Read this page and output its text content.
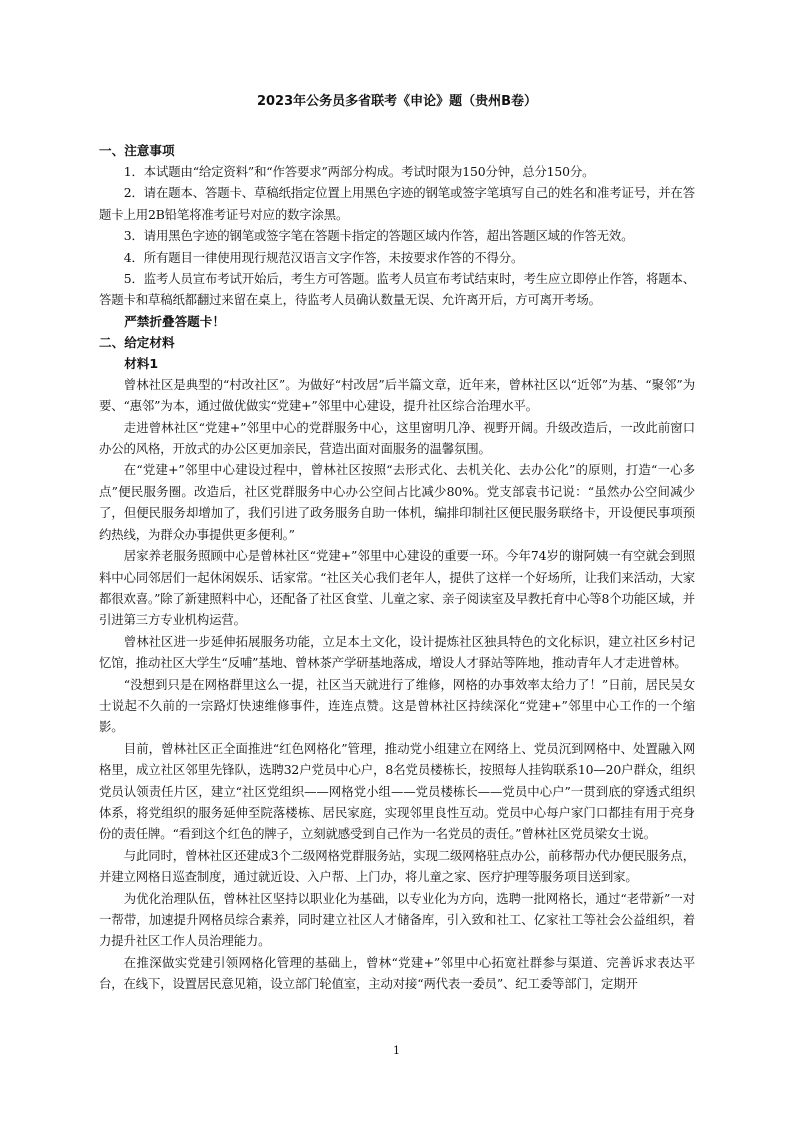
2023年公务员多省联考《申论》题（贵州B卷）
一、注意事项

1．本试题由“给定资料”和“作答要求”两部分构成。考试时限为150分钟，总分150分。

2．请在题本、答题卡、草稿纸指定位置上用黑色字迹的钢笔或签字笔填写自己的姓名和准考证号，并在答题卡上用2B铅笔将准考证号对应的数字涂黑。

3．请用黑色字迹的钢笔或签字笔在答题卡指定的答题区域内作答，超出答题区域的作答无效。

4．所有题目一律使用现行规范汉语言文字作答，未按要求作答的不得分。

5．监考人员宣布考试开始后，考生方可答题。监考人员宣布考试结束时，考生应立即停止作答，将题本、答题卡和草稿纸都翻过来留在桌上，待监考人员确认数量无误、允许离开后，方可离开考场。

严禁折叠答题卡！
二、给定材料
材料1

曾林社区是典型的“村改社区”。为做好“村改居”后半篇文章，近年来，曾林社区以“近邻”为基、“聚邻”为要、“惠邻”为本，通过做优做实“党建+”邻里中心建设，提升社区综合治理水平。

走进曾林社区“党建+”邻里中心的党群服务中心，这里窗明几净、视野开阔。升级改造后，一改此前窗口办公的风格，开放式的办公区更加亲民，营造出面对面服务的温馨氛围。

在“党建+”邻里中心建设过程中，曾林社区按照“去形式化、去机关化、去办公化”的原则，打造“一心多点”便民服务圈。改造后，社区党群服务中心办公空间占比减少80%。党支部袁书记说：“虽然办公空间减少了，但便民服务却增加了，我们引进了政务服务自助一体机，编排印制社区便民服务联络卡，开设便民事项预约热线，为群众办事提供更多便利。”

居家养老服务照顾中心是曾林社区“党建+”邻里中心建设的重要一环。今年74岁的谢阿姨一有空就会到照料中心同邻居们一起休闲娱乐、话家常。“社区关心我们老年人，提供了这样一个好场所，让我们来活动，大家都很欢喜。”除了新建照料中心，还配备了社区食堂、儿童之家、亲子阅读室及早教托育中心等8个功能区域，并引进第三方专业机构运营。

曾林社区进一步延伸拓展服务功能，立足本土文化，设计提炼社区独具特色的文化标识，建立社区乡村记忆馆，推动社区大学生“反哺”基地、曾林茶产学研基地落成，增设人才驿站等阵地，推动青年人才走进曾林。

“没想到只是在网格群里这么一提，社区当天就进行了维修，网格的办事效率太给力了！”日前，居民吴女士说起不久前的一宗路灯快速维修事件，连连点赞。这是曾林社区持续深化“党建+”邻里中心工作的一个缩影。

目前，曾林社区正全面推进“红色网格化”管理，推动党小组建立在网络上、党员沉到网格中、处置融入网格里，成立社区邻里先锋队，选聘32户党员中心户，8名党员楼栋长，按照每人挂钩联系10—20户群众，组织党员认领责任片区，建立“社区党组织——网格党小组——党员楼栋长——党员中心户”一贯到底的穿透式组织体系，将党组织的服务延伸至院落楼栋、居民家庭，实现邻里良性互动。党员中心每户家门口都挂有用于亮身份的责任牌。“看到这个红色的牌子，立刻就感受到自己作为一名党员的责任。”曾林社区党员梁女士说。

与此同时，曾林社区还建成3个二级网格党群服务站，实现二级网格驻点办公，前移帮办代办便民服务点，并建立网格日巡查制度，通过就近设、入户帮、上门办，将儿童之家、医疗护理等服务项目送到家。

为优化治理队伍，曾林社区坚持以职业化为基础，以专业化为方向，选聘一批网格长，通过“老带新”一对一帮带，加速提升网格员综合素养，同时建立社区人才储备库，引入致和社工、亿家社工等社会公益组织，着力提升社区工作人员治理能力。

在推深做实党建引领网格化管理的基础上，曾林“党建+”邻里中心拓宽社群参与渠道、完善诉求表达平台，在线下，设置居民意见箱，设立部门轮值室，主动对接“两代表一委员”、纪工委等部门，定期开

1
